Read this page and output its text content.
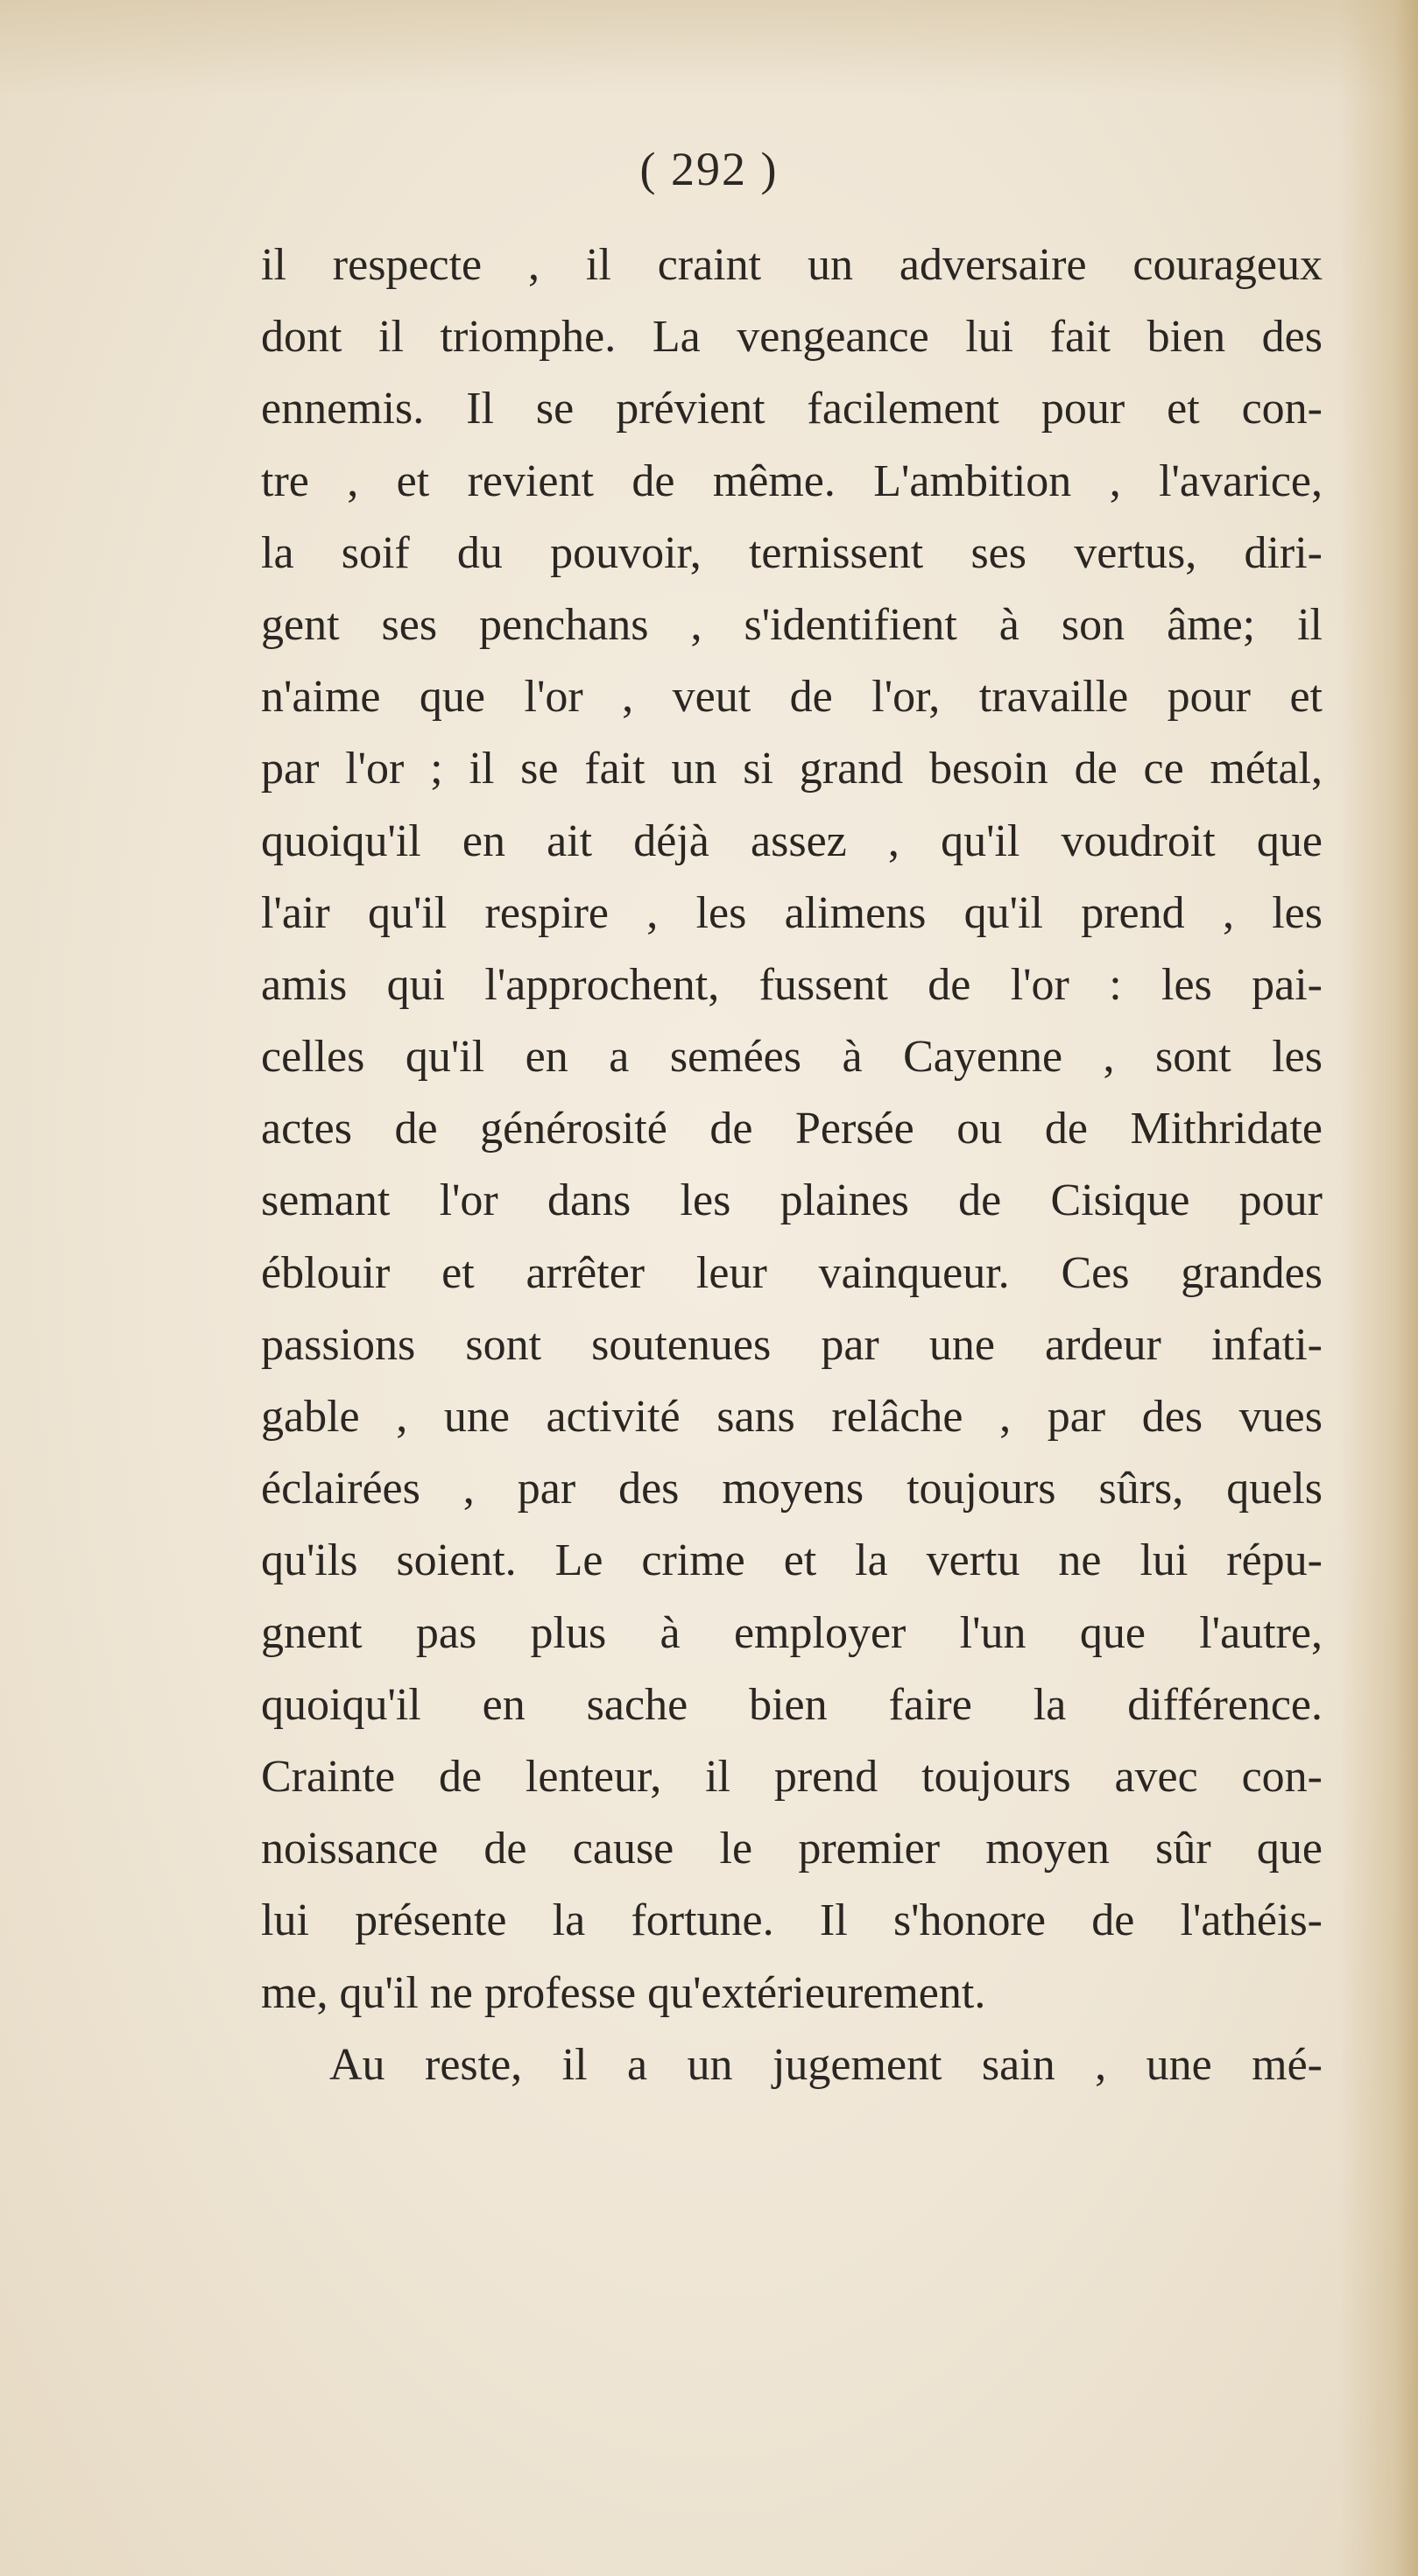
( 292 )
il respecte , il craint un adversaire courageux
dont il triomphe. La vengeance lui fait bien des
ennemis. Il se prévient facilement pour et con-
tre , et revient de même. L'ambition , l'avarice,
la soif du pouvoir, ternissent ses vertus, diri-
gent ses penchans , s'identifient à son âme; il
n'aime que l'or , veut de l'or, travaille pour et
par l'or ; il se fait un si grand besoin de ce métal,
quoiqu'il en ait déjà assez , qu'il voudroit que
l'air qu'il respire , les alimens qu'il prend , les
amis qui l'approchent, fussent de l'or : les pai-
celles qu'il en a semées à Cayenne , sont les
actes de générosité de Persée ou de Mithridate
semant l'or dans les plaines de Cisique pour
éblouir et arrêter leur vainqueur. Ces grandes
passions sont soutenues par une ardeur infati-
gable , une activité sans relâche , par des vues
éclairées , par des moyens toujours sûrs, quels
qu'ils soient. Le crime et la vertu ne lui répu-
gnent pas plus à employer l'un que l'autre,
quoiqu'il en sache bien faire la différence.
Crainte de lenteur, il prend toujours avec con-
noissance de cause le premier moyen sûr que
lui présente la fortune. Il s'honore de l'athéis-
me, qu'il ne professe qu'extérieurement.
Au reste, il a un jugement sain , une mé-
